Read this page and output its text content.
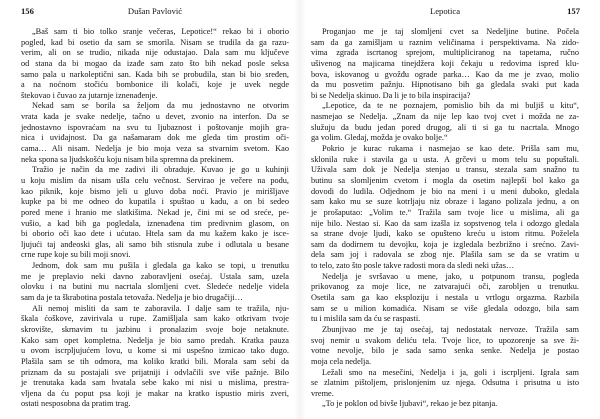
156	Dušan Pavlović
„Baš sam ti bio tolko sranje večeras, Lepotice!“ rekao bi i oborio
pogled, kad bi osetio da sam se smorila. Nisam se trudila da ga razu-
verim, ali on se trudio, nikada nije odustajao. Dala sam mu ključeve
od stana da bi mogao da izađe sam zato što bih nekad posle seksa
samo pala u narkoleptični san. Kada bih se probudila, stan bi bio sređen,
a na noćnom stočiću bombonice ili kolači, koje je uvek negde
štekovao i čuvao za jutarnje iznenađenje.
Nekad sam se borila sa željom da mu jednostavno ne otvorim
vrata kada je svake nedelje, tačno u devet, zvonio na interfon. Da se
jednostavno ispovraćam na svu tu ljubaznost i poštovanje mojih gra-
nica i uviđajnost. Da ga našamaram dok me gleda tim prostim oči-
cama… Ali nisam. Nedelja je bio moja veza sa stvarnim svetom. Kao
neka spona sa ljudskošću koju nisam bila spremna da prekinem.
Tražio je način da me zadivi ili obraduje. Kuvao je go u kuhinji
u koju mislim da nisam ušla celu večnost. Servirao je večere na podu,
kao piknik, koje bismo jeli u gluvo doba noći. Pravio je mirišljave
kupke pa bi me odneo do kupatila i spuštao u kadu, a on bi sedeo
pored mene i hranio me slatkišima. Nekad je, čini mi se od sreće, pe-
vušio, a kad bih ga pogledala, iznenađena tim predivnim glasom, on
bi oborio oči kao dete i ućutao. Htela sam da mu kažem kako je isce-
ljujući taj anđeoski glas, ali samo bih stisnula zube i odlutala u besane
crne rupe koje su bili moji snovi.
Jednom, dok sam mu pušila i gledala ga kako se topi, u trenutku
me je preplavio neki davno zaboravljeni osećaj. Ustala sam, uzela
olovku i na butini mu nacrtala slomljeni cvet. Sledeće nedelje videla
sam da je ta škrabotina postala tetovaža. Nedelja je bio drugačiji…
Ali nemoj misliti da sam te zaboravila. I dalje sam te tražila, nju-
škala ćoškove, zavirivala u rupe. Zamišljala sam kako otkrivam tvoje
skrovište, skrnavim tu jazbinu i pronalazim svoje boje netaknute.
Kako sam opet kompletna. Nedelja je bio samo predah. Kratka pauza
u ovom iscrpljujućem lovu, u kome si mi uspešno izmicao tako dugo.
Plašila sam se tih odmora, ma koliko kratki bili. Morala sam sebi da
priznam da su postajali sve prijatniji i odvlačili sve više pažnje. Bilo
je trenutaka kada sam hvatala sebe kako mi nisi u mislima, prestra-
vljena da ću poput psa koji je makar na kratko ispustio miris zveri,
ostati nesposobna da pratim trag.
Lepotica	157
Proganjao me je taj slomljeni cvet sa Nedeljine butine. Počela
sam da ga zamišljam u raznim veličinama i perspektivama. Na zido-
vima zgrada iscrtanog sprejom, multipliciranog na tapetama, ručno
ušivenog na majicama tinejdžera koji čekaju u redovima ispred klu-
bova, iskovanog u gvožđu ograde parka… Kao da me je zvao, molio
da mu posvetim pažnju. Hipnotisano bih ga gledala svaki put kada
bi se Nedelja skinuo. Da li je to bila inspiracija?
„Lepotice, da te ne poznajem, pomislio bih da mi buljiš u kitu“,
nasmejao se Nedelja. „Znam da nije lep kao tvoj cvet i možda ne za-
služuju da budu jedan pored drugog, ali ti si ga tu nacrtala. Mnogo
ga volim. Gledaj, možda je ovako bolje.“
Pokrio je kurac rukama i nasmejao se kao dete. Prišla sam mu,
sklonila ruke i stavila ga u usta. A grčevi u mom telu su popuštali.
Uživala sam dok je Nedelja stenjao u transu, stezala sam snažno tu
butinu sa slomljenim cvetom i mogla da osetim najlepši bol kako ga
dovodi do ludila. Odjednom je bio na meni i u meni duboko, gledala
sam kako mu se suze kotrljaju niz obraze i lagano polizala jednu, a on
je prošaputao: „Volim te.“ Tražila sam tvoje lice u mislima, ali ga
nije bilo. Nestao si. Kao da sam izašla iz sopstvenog tela i odozgo gledala
sa strane dvoje ljudi, kako se opušteno kreću u istom ritmu. Poželela
sam da dodirnem tu devojku, koja je izgledala bezbrižno i srećno. Zavi-
dela sam joj i radovala se zbog nje. Plašila sam se da se vratim u
to telo, zato što posle takve radosti mora da sledi neki užas…
Nedelja je svršavao u mene, jako, u potpunom transu, pogleda
prikovanog za moje lice, ne zatvarajući oči, zarobljen u trenutku.
Osetila sam ga kao eksploziju i nestala u vrtlogu orgazma. Razbila
sam se u milion komadića. Nisam se više gledala odozgo, bila sam
tu i mislila sam da ću se raspasti.
Zbunjivao me je taj osećaj, taj nedostatak nervoze. Tražila sam
svoj nemir u svakom deliću tela. Tvoje lice, to upozorenje sa sve ži-
votne nevolje, bilo je sada samo senka senke. Nedelja je postao
moja cela nedelja.
Ležali smo na mesečini, Nedelja i ja, goli i iscrpljeni. Igrala sam
se zlatnim pištoljem, prislonjenim uz njega. Odsutna i prisutna u isto
vreme.
„To je poklon od bivše ljubavi“, rekao je bez pitanja.
